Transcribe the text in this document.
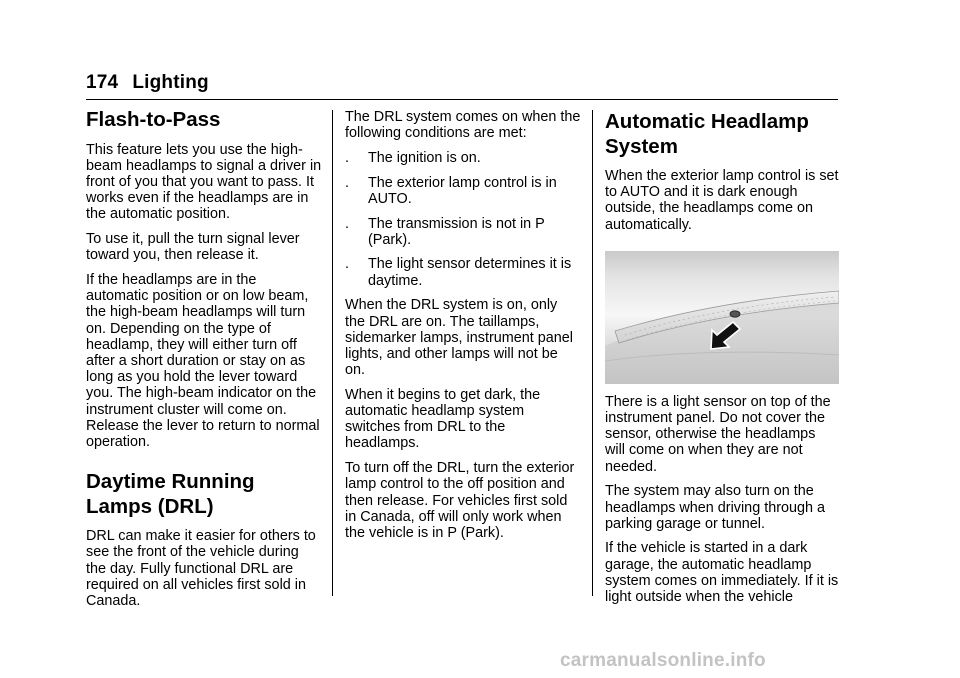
174 Lighting
Flash-to-Pass

This feature lets you use the high-beam headlamps to signal a driver in front of you that you want to pass. It works even if the headlamps are in the automatic position.

To use it, pull the turn signal lever toward you, then release it.

If the headlamps are in the automatic position or on low beam, the high-beam headlamps will turn on. Depending on the type of headlamp, they will either turn off after a short duration or stay on as long as you hold the lever toward you. The high-beam indicator on the instrument cluster will come on. Release the lever to return to normal operation.

Daytime Running
Lamps (DRL)

DRL can make it easier for others to see the front of the vehicle during the day. Fully functional DRL are required on all vehicles first sold in Canada.

The DRL system comes on when the following conditions are met:

.	The ignition is on.
.	The exterior lamp control is in AUTO.
.	The transmission is not in P (Park).
.	The light sensor determines it is daytime.

When the DRL system is on, only the DRL are on. The taillamps, sidemarker lamps, instrument panel lights, and other lamps will not be on.

When it begins to get dark, the automatic headlamp system switches from DRL to the headlamps.

To turn off the DRL, turn the exterior lamp control to the off position and then release. For vehicles first sold in Canada, off will only work when the vehicle is in P (Park).

Automatic Headlamp
System

When the exterior lamp control is set to AUTO and it is dark enough outside, the headlamps come on automatically.

There is a light sensor on top of the instrument panel. Do not cover the sensor, otherwise the headlamps will come on when they are not needed.

The system may also turn on the headlamps when driving through a parking garage or tunnel.

If the vehicle is started in a dark garage, the automatic headlamp system comes on immediately. If it is light outside when the vehicle

carmanualsonline.info
